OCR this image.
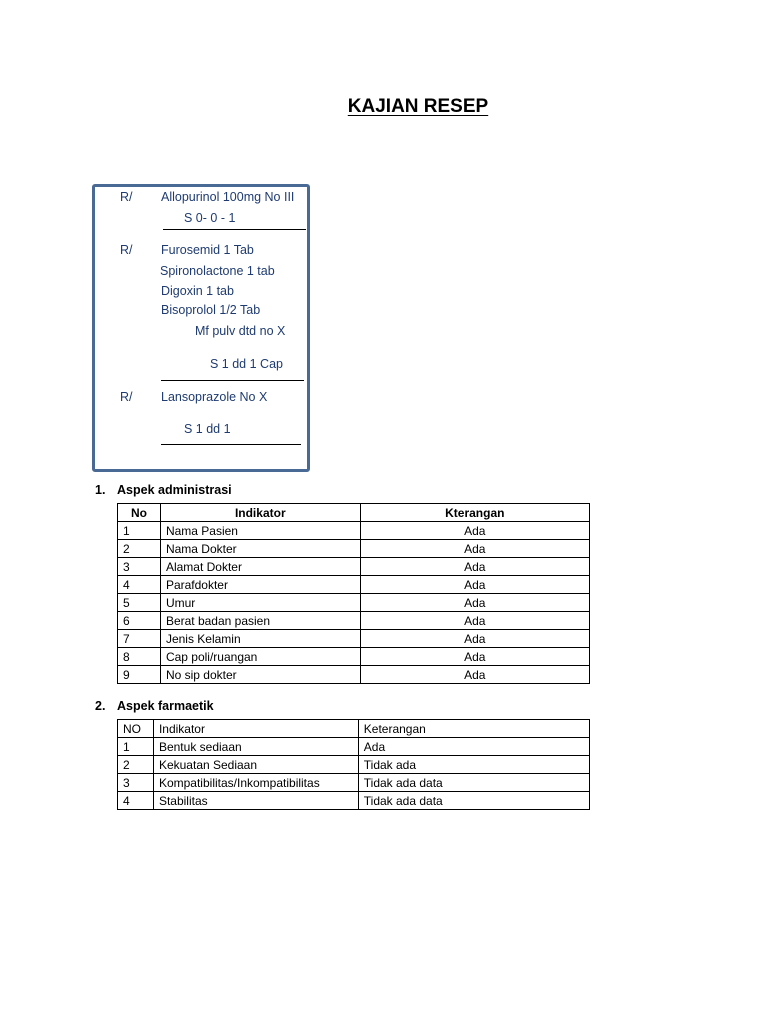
KAJIAN RESEP
R/ Allopurinol 100mg No III
S 0- 0 - 1
R/ Furosemid 1 Tab
Spironolactone 1 tab
Digoxin 1 tab
Bisoprolol 1/2 Tab
Mf pulv dtd no X
S 1 dd 1 Cap
R/ Lansoprazole No X
S 1 dd 1
1. Aspek administrasi
No	Indikator	Kterangan
1	Nama Pasien	Ada
2	Nama Dokter	Ada
3	Alamat Dokter	Ada
4	Parafdokter	Ada
5	Umur	Ada
6	Berat badan pasien	Ada
7	Jenis Kelamin	Ada
8	Cap poli/ruangan	Ada
9	No sip dokter	Ada
2. Aspek farmaetik
NO	Indikator	Keterangan
1	Bentuk sediaan	Ada
2	Kekuatan Sediaan	Tidak ada
3	Kompatibilitas/Inkompatibilitas	Tidak ada data
4	Stabilitas	Tidak ada data
